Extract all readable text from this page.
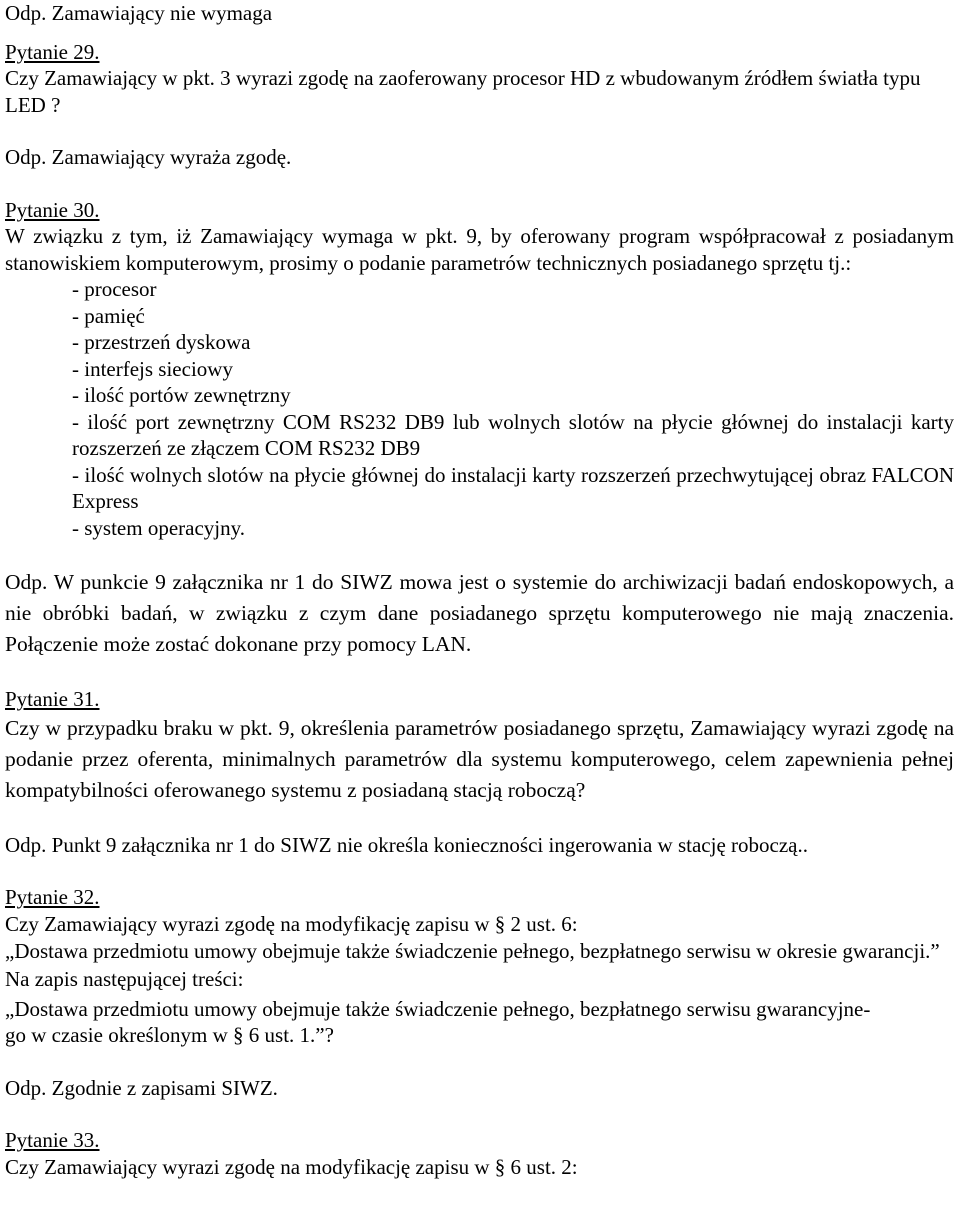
Odp. Zamawiający nie wymaga

Pytanie 29.

Czy Zamawiający w pkt. 3 wyrazi zgodę na zaoferowany procesor HD z wbudowanym źródłem światła typu LED ?

Odp. Zamawiający wyraża zgodę.

Pytanie 30.

W związku z tym, iż Zamawiający wymaga w pkt. 9, by oferowany program współpracował z posiadanym stanowiskiem komputerowym, prosimy o podanie parametrów technicznych posiadanego sprzętu tj.:

- procesor
- pamięć
- przestrzeń dyskowa
- interfejs sieciowy
- ilość portów zewnętrzny
- ilość port zewnętrzny COM RS232 DB9 lub wolnych slotów na płycie głównej do instalacji karty rozszerzeń ze złączem COM RS232 DB9
- ilość wolnych slotów na płycie głównej do instalacji karty rozszerzeń przechwytującej obraz FALCON Express
- system operacyjny.

Odp. W punkcie 9 załącznika nr 1 do SIWZ mowa jest o systemie do archiwizacji badań endoskopowych, a nie obróbki badań, w związku z czym dane posiadanego sprzętu komputerowego nie mają znaczenia. Połączenie może zostać dokonane przy pomocy LAN.

Pytanie 31.

Czy w przypadku braku w pkt. 9, określenia parametrów posiadanego sprzętu, Zamawiający wyrazi zgodę na podanie przez oferenta, minimalnych parametrów dla systemu komputerowego, celem zapewnienia pełnej kompatybilności oferowanego systemu z posiadaną stacją roboczą?

Odp. Punkt 9 załącznika nr 1 do SIWZ nie określa konieczności ingerowania w stację roboczą..

Pytanie 32.

Czy Zamawiający wyrazi zgodę na modyfikację zapisu w § 2 ust. 6:

„Dostawa przedmiotu umowy obejmuje także świadczenie pełnego, bezpłatnego serwisu w okresie gwarancji.”

Na zapis następującej treści:

„Dostawa przedmiotu umowy obejmuje także świadczenie pełnego, bezpłatnego serwisu gwarancyjne-

go w czasie określonym w § 6 ust. 1.”?

Odp. Zgodnie z zapisami SIWZ.

Pytanie 33.

Czy Zamawiający wyrazi zgodę na modyfikację zapisu w § 6 ust. 2:
